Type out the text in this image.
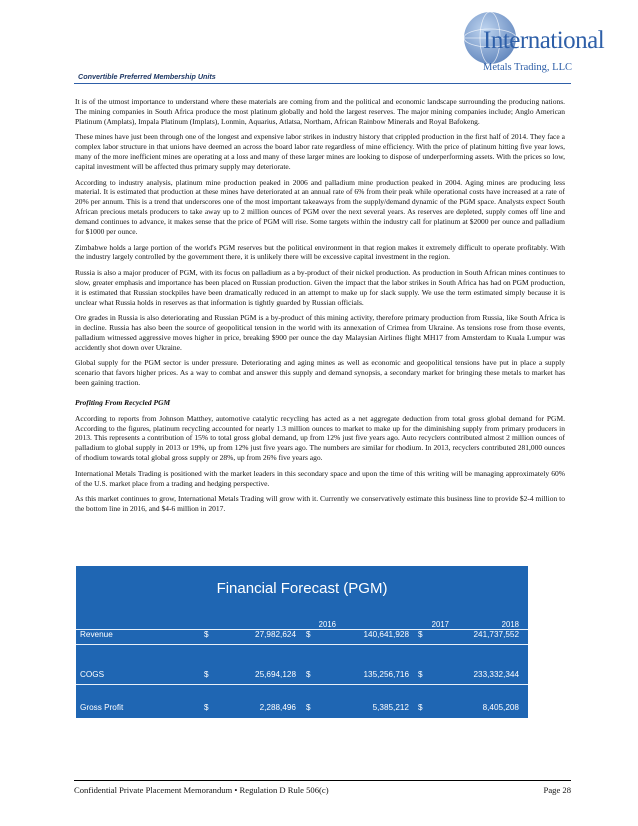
International
Metals Trading, LLC
Convertible Preferred Membership Units

It is of the utmost importance to understand where these materials are coming from and the political and economic landscape surrounding the producing nations. The mining companies in South Africa produce the most platinum globally and hold the largest reserves. The major mining companies include; Anglo American Platinum (Amplats), Impala Platinum (Implats), Lonmin, Aquarius, Atlatsa, Northam, African Rainbow Minerals and Royal Bafokeng.

These mines have just been through one of the longest and expensive labor strikes in industry history that crippled production in the first half of 2014. They face a complex labor structure in that unions have deemed an across the board labor rate regardless of mine efficiency. With the price of platinum hitting five year lows, many of the more inefficient mines are operating at a loss and many of these larger mines are looking to dispose of underperforming assets. With the prices so low, capital investment will be affected thus primary supply may deteriorate.

According to industry analysis, platinum mine production peaked in 2006 and palladium mine production peaked in 2004. Aging mines are producing less material. It is estimated that production at these mines have deteriorated at an annual rate of 6% from their peak while operational costs have increased at a rate of 20% per annum. This is a trend that underscores one of the most important takeaways from the supply/demand dynamic of the PGM space. Analysts expect South African precious metals producers to take away up to 2 million ounces of PGM over the next several years. As reserves are depleted, supply comes off line and demand continues to advance, it makes sense that the price of PGM will rise. Some targets within the industry call for platinum at $2000 per ounce and palladium for $1000 per ounce.

Zimbabwe holds a large portion of the world's PGM reserves but the political environment in that region makes it extremely difficult to operate profitably. With the industry largely controlled by the government there, it is unlikely there will be excessive capital investment in the region.

Russia is also a major producer of PGM, with its focus on palladium as a by-product of their nickel production. As production in South African mines continues to slow, greater emphasis and importance has been placed on Russian production. Given the impact that the labor strikes in South Africa has had on PGM production, it is estimated that Russian stockpiles have been dramatically reduced in an attempt to make up for slack supply. We use the term estimated simply because it is unclear what Russia holds in reserves as that information is tightly guarded by Russian officials.

Ore grades in Russia is also deteriorating and Russian PGM is a by-product of this mining activity, therefore primary production from Russia, like South Africa is in decline. Russia has also been the source of geopolitical tension in the world with its annexation of Crimea from Ukraine. As tensions rose from those events, palladium witnessed aggressive moves higher in price, breaking $900 per ounce the day Malaysian Airlines flight MH17 from Amsterdam to Kuala Lumpur was accidently shot down over Ukraine.

Global supply for the PGM sector is under pressure. Deteriorating and aging mines as well as economic and geopolitical tensions have put in place a supply scenario that favors higher prices. As a way to combat and answer this supply and demand synopsis, a secondary market for bringing these metals to market has been gaining traction.

Profiting From Recycled PGM

According to reports from Johnson Matthey, automotive catalytic recycling has acted as a net aggregate deduction from total gross global demand for PGM. According to the figures, platinum recycling accounted for nearly 1.3 million ounces to market to make up for the diminishing supply from primary producers in 2013. This represents a contribution of 15% to total gross global demand, up from 12% just five years ago. Auto recyclers contributed almost 2 million ounces of palladium to global supply in 2013 or 19%, up from 12% just five years ago. The numbers are similar for rhodium. In 2013, recyclers contributed 281,000 ounces of rhodium towards total global gross supply or 28%, up from 26% five years ago.

International Metals Trading is positioned with the market leaders in this secondary space and upon the time of this writing will be managing approximately 60% of the U.S. market place from a trading and hedging perspective.

As this market continues to grow, International Metals Trading will grow with it. Currently we conservatively estimate this business line to provide $2-4 million to the bottom line in 2016, and $4-6 million in 2017.

Financial Forecast (PGM)
2016	2017	2018
Revenue	$	27,982,624 $	140,641,928 $	241,737,552
COGS	$	25,694,128 $	135,256,716 $	233,332,344
Gross Profit	$	2,288,496 $	5,385,212 $	8,405,208
Confidential Private Placement Memorandum • Regulation D Rule 506(c)	Page 28
